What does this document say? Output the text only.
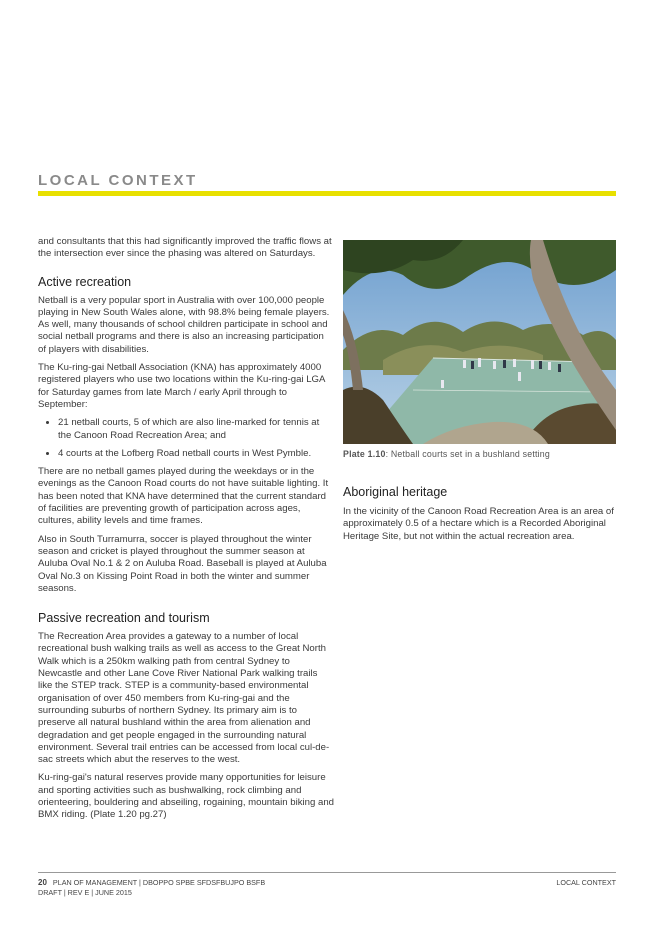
LOCAL CONTEXT

and consultants that this had significantly improved the traffic flows at the intersection ever since the phasing was altered on Saturdays.

Active recreation

Netball is a very popular sport in Australia with over 100,000 people playing in New South Wales alone, with 98.8% being female players. As well, many thousands of school children participate in school and social netball programs and there is also an increasing participation of players with disabilities.

The Ku-ring-gai Netball Association (KNA) has approximately 4000 registered players who use two locations within the Ku-ring-gai LGA for Saturday games from late March / early April through to September:

• 21 netball courts, 5 of which are also line-marked for tennis at the Canoon Road Recreation Area; and
• 4 courts at the Lofberg Road netball courts in West Pymble.

There are no netball games played during the weekdays or in the evenings as the Canoon Road courts do not have suitable lighting. It has been noted that KNA have determined that the current standard of facilities are preventing growth of participation across ages, cultures, ability levels and time frames.

Also in South Turramurra, soccer is played throughout the winter season and cricket is played throughout the summer season at Auluba Oval No.1 & 2 on Auluba Road. Baseball is played at Auluba Oval No.3 on Kissing Point Road in both the winter and summer seasons.

Passive recreation and tourism

The Recreation Area provides a gateway to a number of local recreational bush walking trails as well as access to the Great North Walk which is a 250km walking path from central Sydney to Newcastle and other Lane Cove River National Park walking trails like the STEP track. STEP is a community-based environmental organisation of over 450 members from Ku-ring-gai and the surrounding suburbs of northern Sydney. Its primary aim is to preserve all natural bushland within the area from alienation and degradation and get people engaged in the surrounding natural environment. Several trail entries can be accessed from local cul-de-sac streets which abut the reserves to the west.

Ku-ring-gai's natural reserves provide many opportunities for leisure and sporting activities such as bushwalking, rock climbing and orienteering, bouldering and abseiling, rogaining, mountain biking and BMX riding. (Plate 1.20 pg.27)

Plate 1.10: Netball courts set in a bushland setting
Aboriginal heritage

In the vicinity of the Canoon Road Recreation Area is an area of approximately 0.5 of a hectare which is a Recorded Aboriginal Heritage Site, but not within the actual recreation area.

20 PLAN OF MANAGEMENT | DBOPPO SPBE SFDSFBUJPO BSFB
DRAFT | REV E | JUNE 2015
LOCAL CONTEXT
